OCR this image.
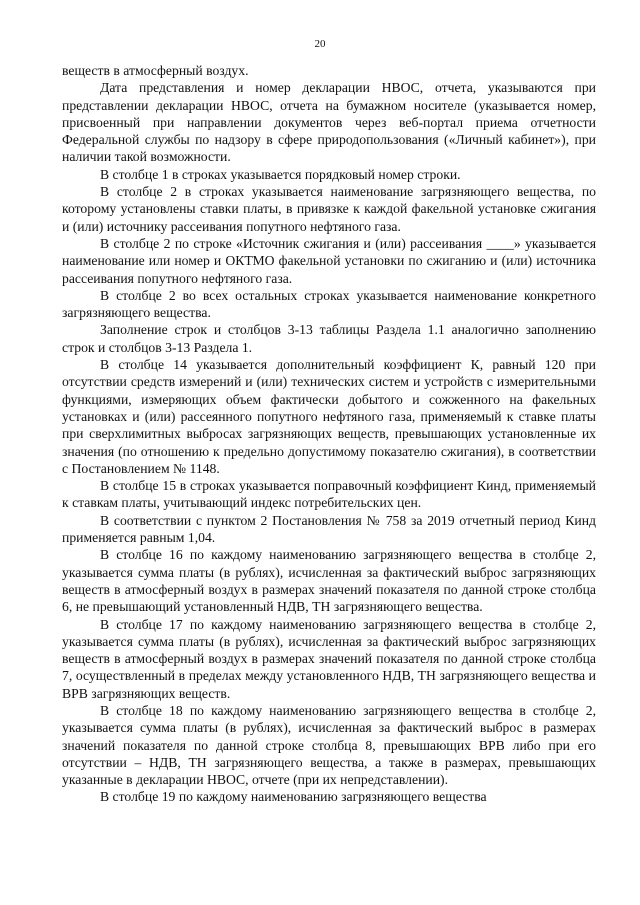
20

веществ в атмосферный воздух.

Дата представления и номер декларации НВОС, отчета, указываются при представлении декларации НВОС, отчета на бумажном носителе (указывается номер, присвоенный при направлении документов через веб-портал приема отчетности Федеральной службы по надзору в сфере природопользования («Личный кабинет»), при наличии такой возможности.

В столбце 1 в строках указывается порядковый номер строки.

В столбце 2 в строках указывается наименование загрязняющего вещества, по которому установлены ставки платы, в привязке к каждой факельной установке сжигания и (или) источнику рассеивания попутного нефтяного газа.

В столбце 2 по строке «Источник сжигания и (или) рассеивания ____» указывается наименование или номер и ОКТМО факельной установки по сжиганию и (или) источника рассеивания попутного нефтяного газа.

В столбце 2 во всех остальных строках указывается наименование конкретного загрязняющего вещества.

Заполнение строк и столбцов 3-13 таблицы Раздела 1.1 аналогично заполнению строк и столбцов 3-13 Раздела 1.

В столбце 14 указывается дополнительный коэффициент К, равный 120 при отсутствии средств измерений и (или) технических систем и устройств с измерительными функциями, измеряющих объем фактически добытого и сожженного на факельных установках и (или) рассеянного попутного нефтяного газа, применяемый к ставке платы при сверхлимитных выбросах загрязняющих веществ, превышающих установленные их значения (по отношению к предельно допустимому показателю сжигания), в соответствии с Постановлением № 1148.

В столбце 15 в строках указывается поправочный коэффициент Кинд, применяемый к ставкам платы, учитывающий индекс потребительских цен.

В соответствии с пунктом 2 Постановления № 758 за 2019 отчетный период Кинд применяется равным 1,04.

В столбце 16 по каждому наименованию загрязняющего вещества в столбце 2, указывается сумма платы (в рублях), исчисленная за фактический выброс загрязняющих веществ в атмосферный воздух в размерах значений показателя по данной строке столбца 6, не превышающий установленный НДВ, ТН загрязняющего вещества.

В столбце 17 по каждому наименованию загрязняющего вещества в столбце 2, указывается сумма платы (в рублях), исчисленная за фактический выброс загрязняющих веществ в атмосферный воздух в размерах значений показателя по данной строке столбца 7, осуществленный в пределах между установленного НДВ, ТН загрязняющего вещества и ВРВ загрязняющих веществ.

В столбце 18 по каждому наименованию загрязняющего вещества в столбце 2, указывается сумма платы (в рублях), исчисленная за фактический выброс в размерах значений показателя по данной строке столбца 8, превышающих ВРВ либо при его отсутствии – НДВ, ТН загрязняющего вещества, а также в размерах, превышающих указанные в декларации НВОС, отчете (при их непредставлении).

В столбце 19 по каждому наименованию загрязняющего вещества
